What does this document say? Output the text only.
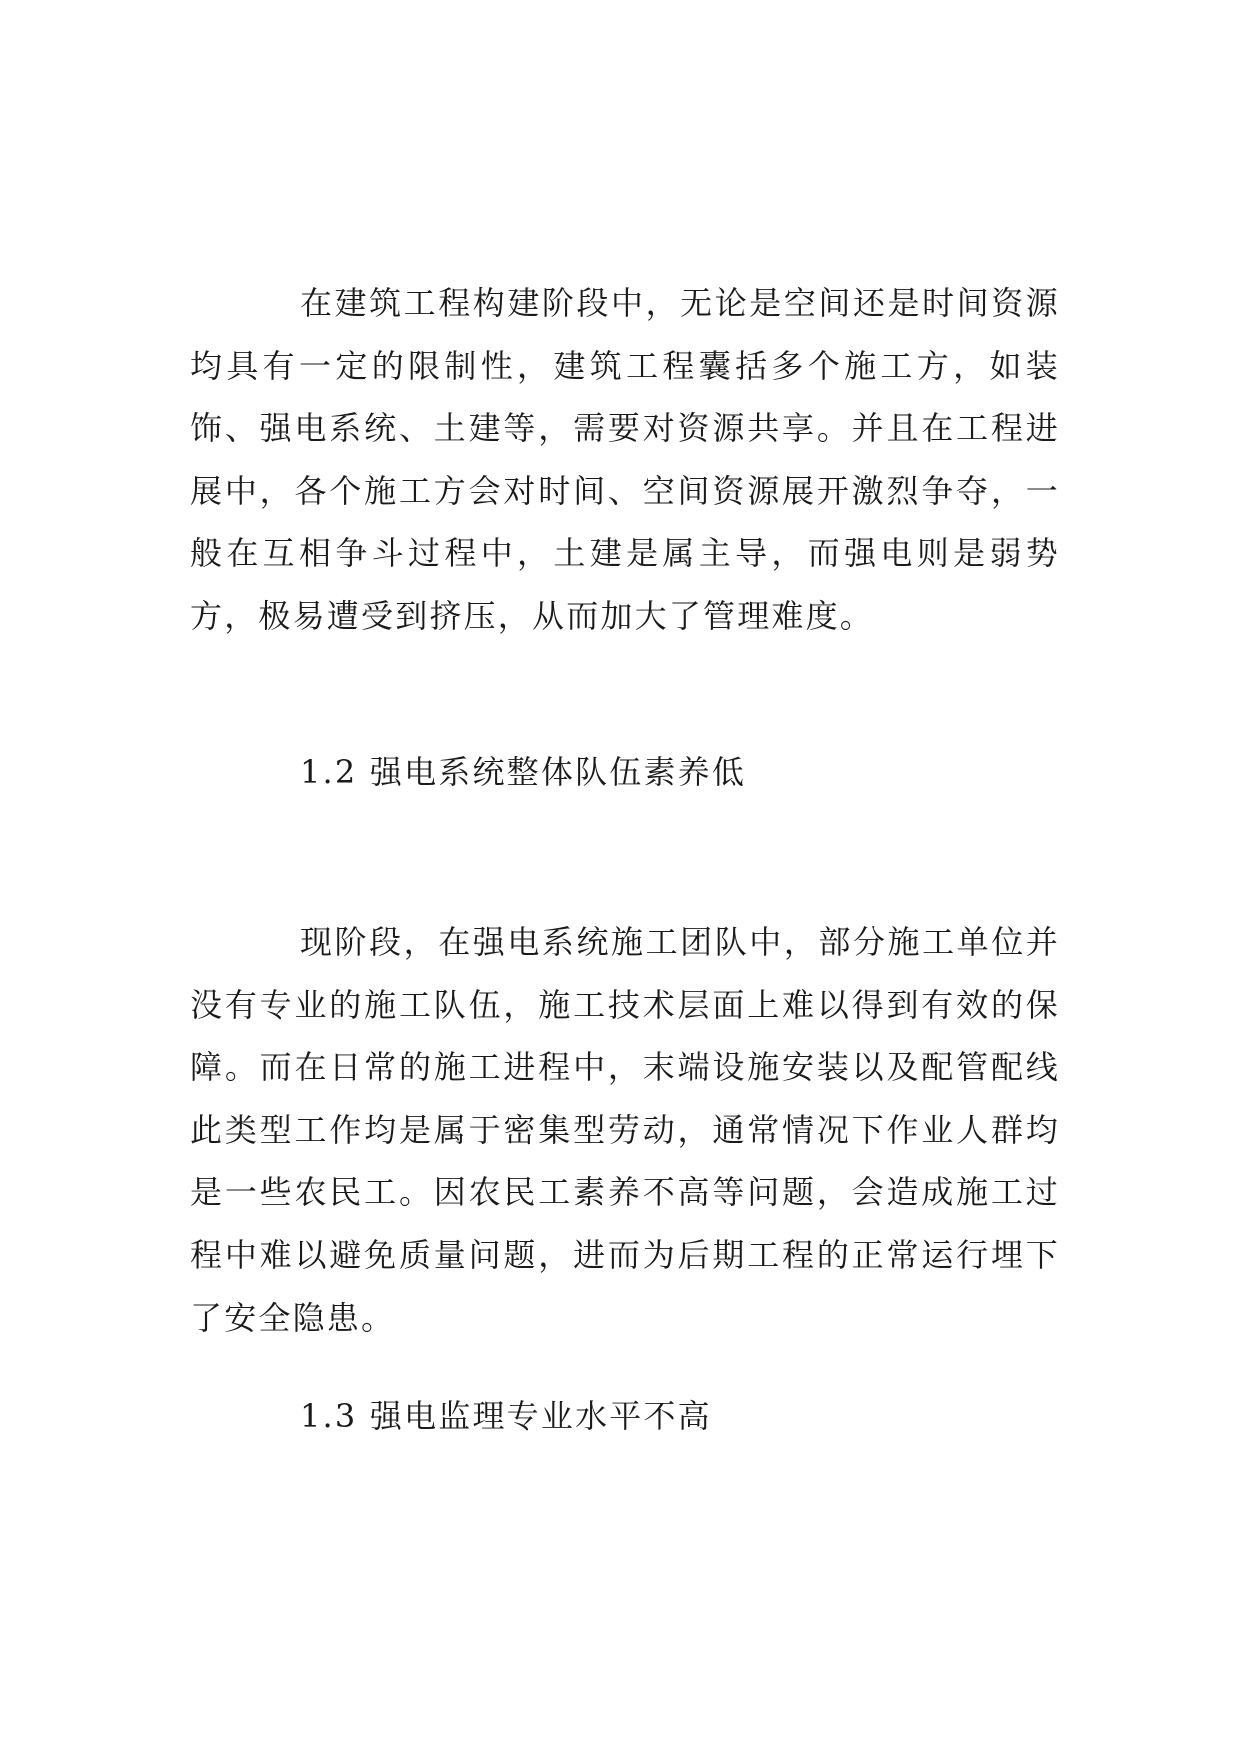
在建筑工程构建阶段中，无论是空间还是时间资源均具有一定的限制性，建筑工程囊括多个施工方，如装饰、强电系统、土建等，需要对资源共享。并且在工程进展中，各个施工方会对时间、空间资源展开激烈争夺，一般在互相争斗过程中，土建是属主导，而强电则是弱势方，极易遭受到挤压，从而加大了管理难度。

1.2 强电系统整体队伍素养低

现阶段，在强电系统施工团队中，部分施工单位并没有专业的施工队伍，施工技术层面上难以得到有效的保障。而在日常的施工进程中，末端设施安装以及配管配线此类型工作均是属于密集型劳动，通常情况下作业人群均是一些农民工。因农民工素养不高等问题，会造成施工过程中难以避免质量问题，进而为后期工程的正常运行埋下了安全隐患。

1.3 强电监理专业水平不高
